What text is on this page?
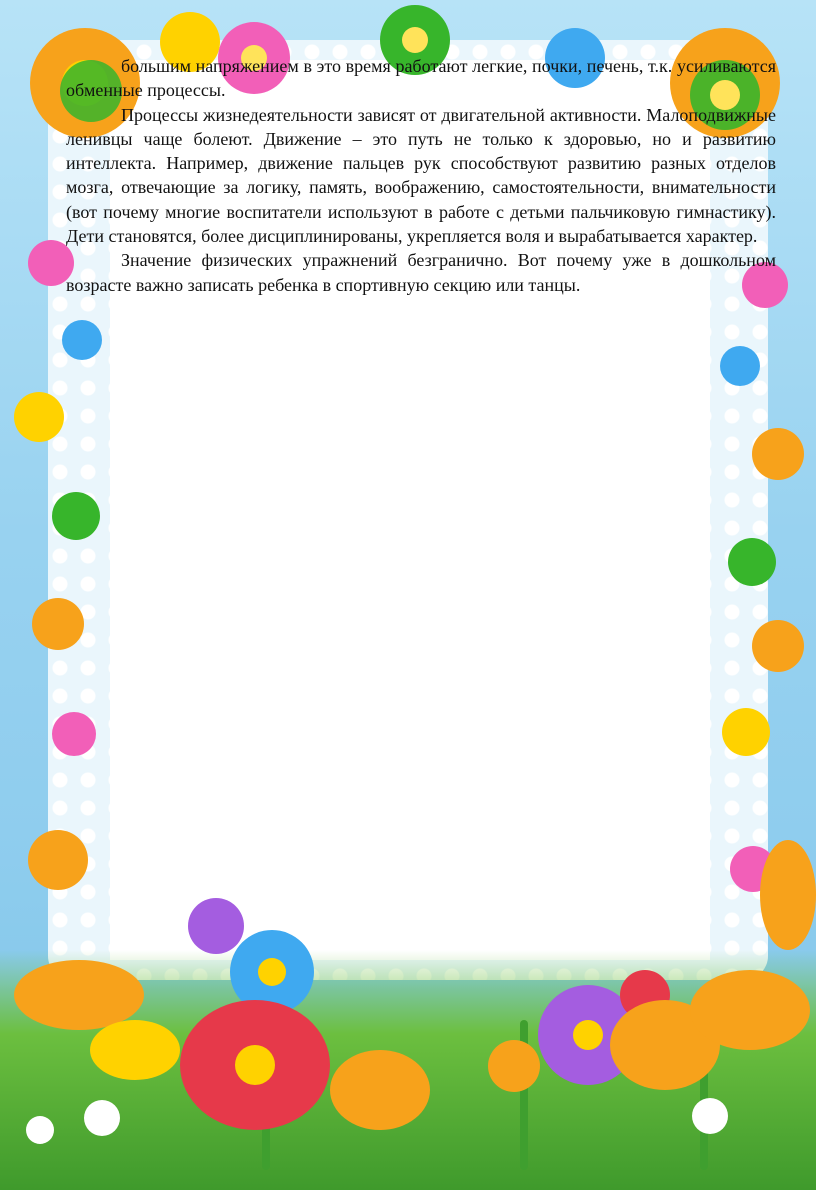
большим напряжением в это время работают легкие, почки, печень, т.к. усиливаются обменные процессы.

Процессы жизнедеятельности зависят от двигательной активности. Малоподвижные ленивцы чаще болеют. Движение – это путь не только к здоровью, но и развитию интеллекта. Например, движение пальцев рук способствуют развитию разных отделов мозга, отвечающие за логику, память, воображению, самостоятельности, внимательности (вот почему многие воспитатели используют в работе с детьми пальчиковую гимнастику). Дети становятся, более дисциплинированы, укрепляется воля и вырабатывается характер.

Значение физических упражнений безгранично. Вот почему уже в дошкольном возрасте важно записать ребенка в спортивную секцию или танцы.
